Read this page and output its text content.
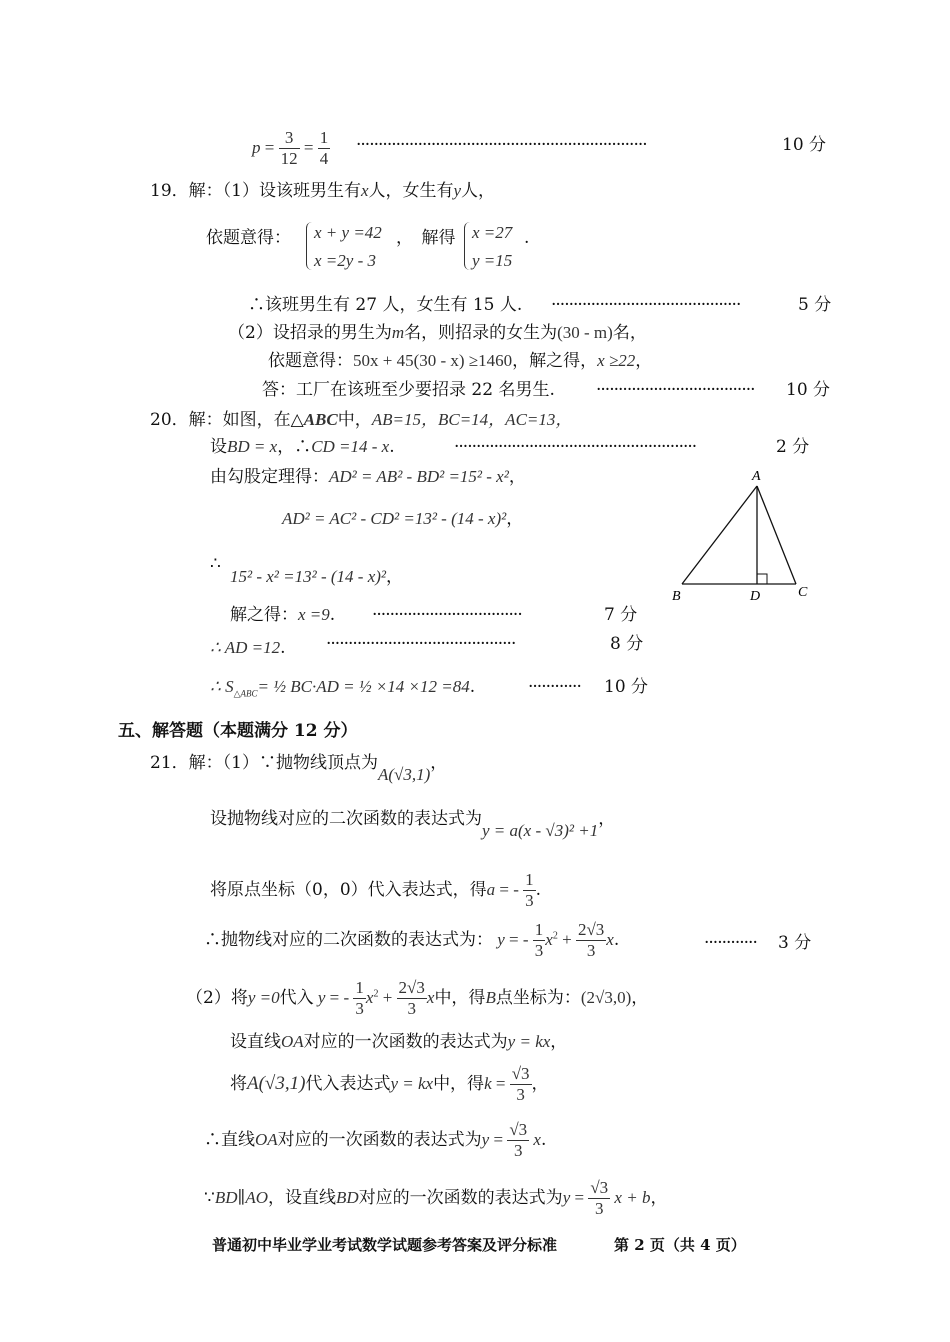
$p = \frac{3}{12} = \frac{1}{4}$ ··································································	10 分
19．解：（1）设该班男生有x人，女生有y人，
依题意得： x + y =42
x =2y - 3
，　解得 x =27
y =15
.
∴该班男生有 27 人，女生有 15 人. ···········································	5 分
（2）设招录的男生为m名，则招录的女生为(30 - m)名，
依题意得：50x + 45(30 - x) ≥1460，解之得，x ≥22，
答：工厂在该班至少要招录 22 名男生. ···································· 10 分
20．解：如图，在△ABC中，AB=15，BC=14，AC=13，
设BD = x，∴CD =14 - x.	·······················································	2 分
由勾股定理得：AD² = AB² - BD² =15² - x²，
AD² = AC² - CD² =13² - (14 - x)²，
∴
15² - x² =13² - (14 - x)²，
解之得：x =9. ··································	7 分
∴ AD =12. ···········································	8 分
∴ $S_{\triangle ABC}=$ ½ BC·AD = ½ ×14 ×12 =84.	············ 10 分
A
B	C
D
五、解答题（本题满分 12 分）
21．解：（1）∵抛物线顶点为A(√3,1)，
设抛物线对应的二次函数的表达式为y = a(x - √3)² +1，
将原点坐标（0，0）代入表达式，得a = - $\frac{1}{3}$ .
∴抛物线对应的二次函数的表达式为： y = - $\frac{1}{3} x^2 + \frac{2√3}{3} x$.	············ 3 分
（2）将y =0代入 y = - $\frac{1}{3} x^2 + \frac{2√3}{3}$ x中，得B点坐标为：(2√3,0)，
设直线OA对应的一次函数的表达式为y = kx，
将A(√3,1)代入表达式y = kx中，得$k = \frac{√3}{3}$ ，
∴直线OA对应的一次函数的表达式为$y = \frac{√3}{3} x$.
∵BD∥AO，设直线BD对应的一次函数的表达式为$y = \frac{√3}{3}$ x + b，
普通初中毕业学业考试数学试题参考答案及评分标准	第 2 页（共 4 页）
